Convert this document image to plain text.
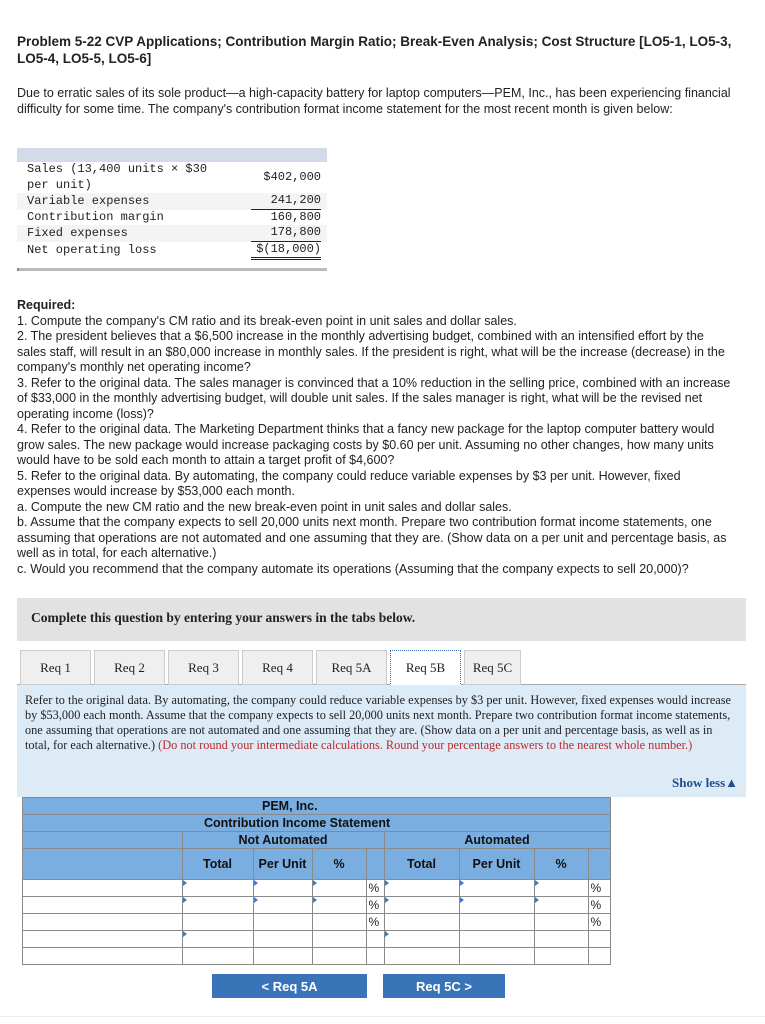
Problem 5-22 CVP Applications; Contribution Margin Ratio; Break-Even Analysis; Cost Structure [LO5-1, LO5-3, LO5-4, LO5-5, LO5-6]
Due to erratic sales of its sole product—a high-capacity battery for laptop computers—PEM, Inc., has been experiencing financial difficulty for some time. The company's contribution format income statement for the most recent month is given below:
Sales (13,400 units × $30 per unit)	$402,000
Variable expenses	241,200
Contribution margin	160,800
Fixed expenses	178,800
Net operating loss	$(18,000)
Required:
1. Compute the company's CM ratio and its break-even point in unit sales and dollar sales.
2. The president believes that a $6,500 increase in the monthly advertising budget, combined with an intensified effort by the sales staff, will result in an $80,000 increase in monthly sales. If the president is right, what will be the increase (decrease) in the company's monthly net operating income?
3. Refer to the original data. The sales manager is convinced that a 10% reduction in the selling price, combined with an increase of $33,000 in the monthly advertising budget, will double unit sales. If the sales manager is right, what will be the revised net operating income (loss)?
4. Refer to the original data. The Marketing Department thinks that a fancy new package for the laptop computer battery would grow sales. The new package would increase packaging costs by $0.60 per unit. Assuming no other changes, how many units would have to be sold each month to attain a target profit of $4,600?
5. Refer to the original data. By automating, the company could reduce variable expenses by $3 per unit. However, fixed expenses would increase by $53,000 each month.
a. Compute the new CM ratio and the new break-even point in unit sales and dollar sales.
b. Assume that the company expects to sell 20,000 units next month. Prepare two contribution format income statements, one assuming that operations are not automated and one assuming that they are. (Show data on a per unit and percentage basis, as well as in total, for each alternative.)
c. Would you recommend that the company automate its operations (Assuming that the company expects to sell 20,000)?
Complete this question by entering your answers in the tabs below.
Req 1	Req 2	Req 3	Req 4	Req 5A	Req 5B	Req 5C

Refer to the original data. By automating, the company could reduce variable expenses by $3 per unit. However, fixed expenses would increase by $53,000 each month. Assume that the company expects to sell 20,000 units next month. Prepare two contribution format income statements, one assuming that operations are not automated and one assuming that they are. (Show data on a per unit and percentage basis, as well as in total, for each alternative.) (Do not round your intermediate calculations. Round your percentage answers to the nearest whole number.)

Show less▲
	PEM, Inc.							
	Contribution Income Statement							
	Not Automated				Automated			
	Total	Per Unit	%		Total	Per Unit	%	
				%				%
				%				%
				%				%

< Req 5A	Req 5C >
